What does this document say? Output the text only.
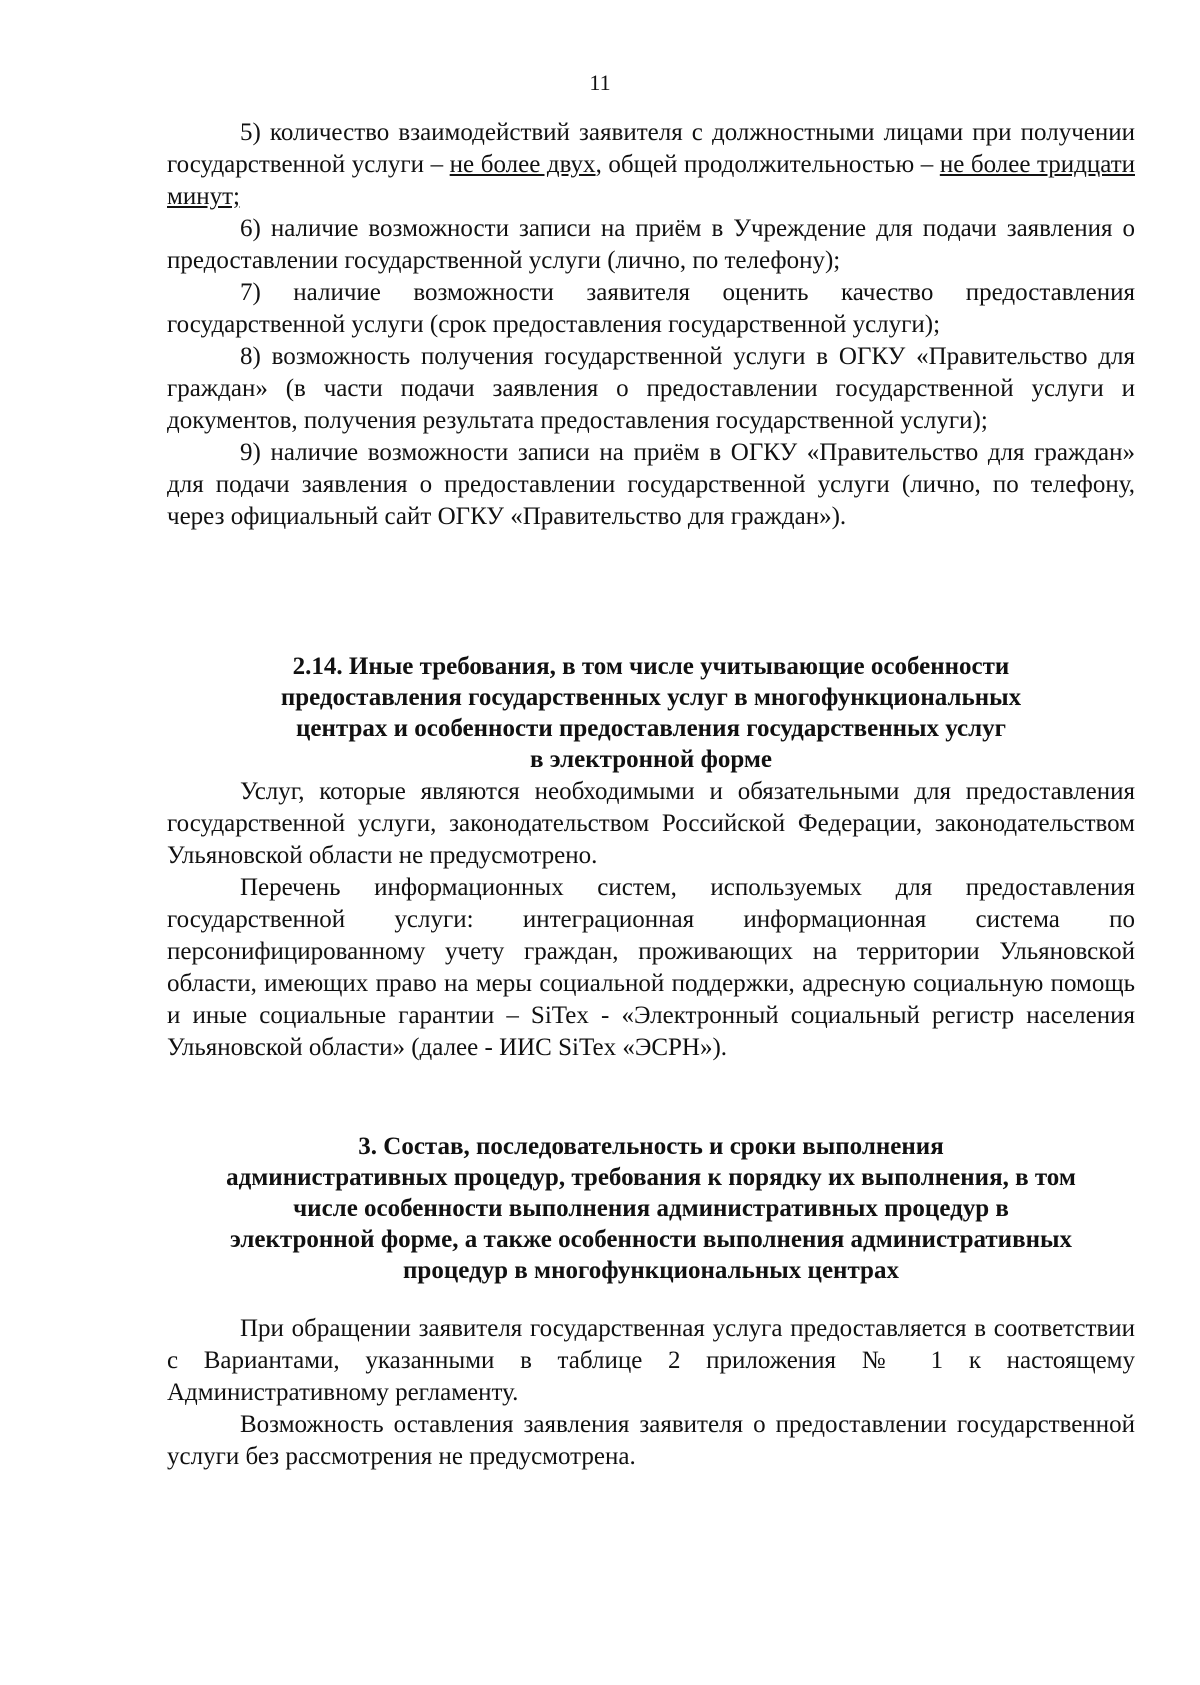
11

5) количество взаимодействий заявителя с должностными лицами при получении государственной услуги – не более двух, общей продолжительностью – не более тридцати минут;

6) наличие возможности записи на приём в Учреждение для подачи заявления о предоставлении государственной услуги (лично, по телефону);

7) наличие возможности заявителя оценить качество предоставления государственной услуги (срок предоставления государственной услуги);

8) возможность получения государственной услуги в ОГКУ «Правительство для граждан» (в части подачи заявления о предоставлении государственной услуги и документов, получения результата предоставления государственной услуги);

9) наличие возможности записи на приём в ОГКУ «Правительство для граждан» для подачи заявления о предоставлении государственной услуги (лично, по телефону, через официальный сайт ОГКУ «Правительство для граждан»).

2.14. Иные требования, в том числе учитывающие особенности
предоставления государственных услуг в многофункциональных
центрах и особенности предоставления государственных услуг
в электронной форме

Услуг, которые являются необходимыми и обязательными для предоставления государственной услуги, законодательством Российской Федерации, законодательством Ульяновской области не предусмотрено.

Перечень информационных систем, используемых для предоставления государственной услуги: интеграционная информационная система по персонифицированному учету граждан, проживающих на территории Ульяновской области, имеющих право на меры социальной поддержки, адресную социальную помощь и иные социальные гарантии – SiTex - «Электронный социальный регистр населения Ульяновской области» (далее - ИИС SiTex «ЭСРН»).

3. Состав, последовательность и сроки выполнения
административных процедур, требования к порядку их выполнения, в том
числе особенности выполнения административных процедур в
электронной форме, а также особенности выполнения административных
процедур в многофункциональных центрах

При обращении заявителя государственная услуга предоставляется в соответствии с Вариантами, указанными в таблице 2 приложения № 1 к настоящему Административному регламенту.

Возможность оставления заявления заявителя о предоставлении государственной услуги без рассмотрения не предусмотрена.
